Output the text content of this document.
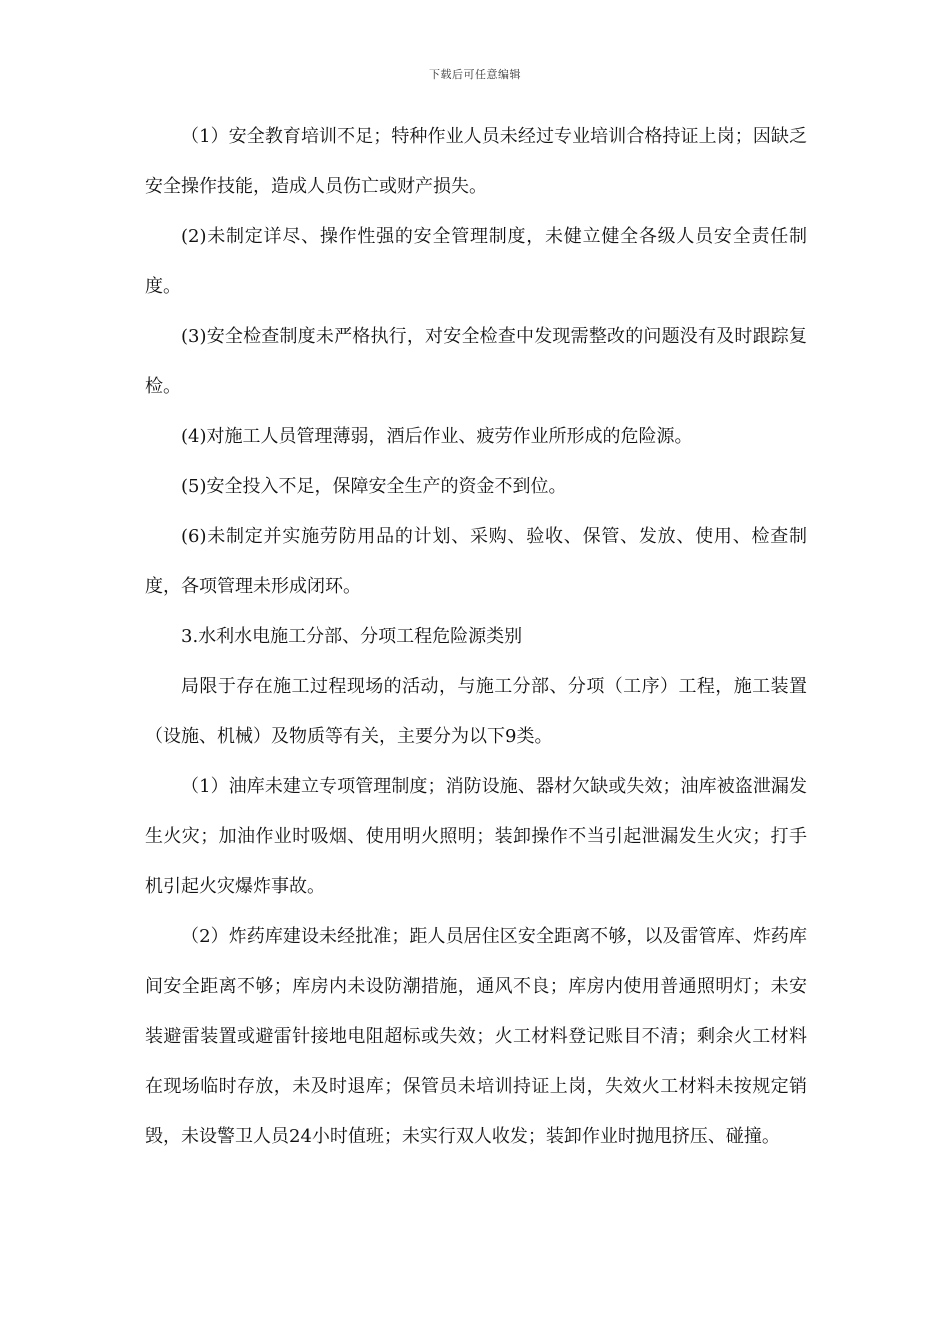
下载后可任意编辑

（1）安全教育培训不足；特种作业人员未经过专业培训合格持证上岗；因缺乏安全操作技能，造成人员伤亡或财产损失。

(2)未制定详尽、操作性强的安全管理制度，未健立健全各级人员安全责任制度。

(3)安全检查制度未严格执行，对安全检查中发现需整改的问题没有及时跟踪复检。

(4)对施工人员管理薄弱，酒后作业、疲劳作业所形成的危险源。

(5)安全投入不足，保障安全生产的资金不到位。

(6)未制定并实施劳防用品的计划、采购、验收、保管、发放、使用、检查制度，各项管理未形成闭环。

3.水利水电施工分部、分项工程危险源类别

局限于存在施工过程现场的活动，与施工分部、分项（工序）工程，施工装置（设施、机械）及物质等有关，主要分为以下9类。

（1）油库未建立专项管理制度；消防设施、器材欠缺或失效；油库被盗泄漏发生火灾；加油作业时吸烟、使用明火照明；装卸操作不当引起泄漏发生火灾；打手机引起火灾爆炸事故。

（2）炸药库建设未经批准；距人员居住区安全距离不够，以及雷管库、炸药库间安全距离不够；库房内未设防潮措施，通风不良；库房内使用普通照明灯；未安装避雷装置或避雷针接地电阻超标或失效；火工材料登记账目不清；剩余火工材料在现场临时存放，未及时退库；保管员未培训持证上岗，失效火工材料未按规定销毁，未设警卫人员24小时值班；未实行双人收发；装卸作业时抛甩挤压、碰撞。
